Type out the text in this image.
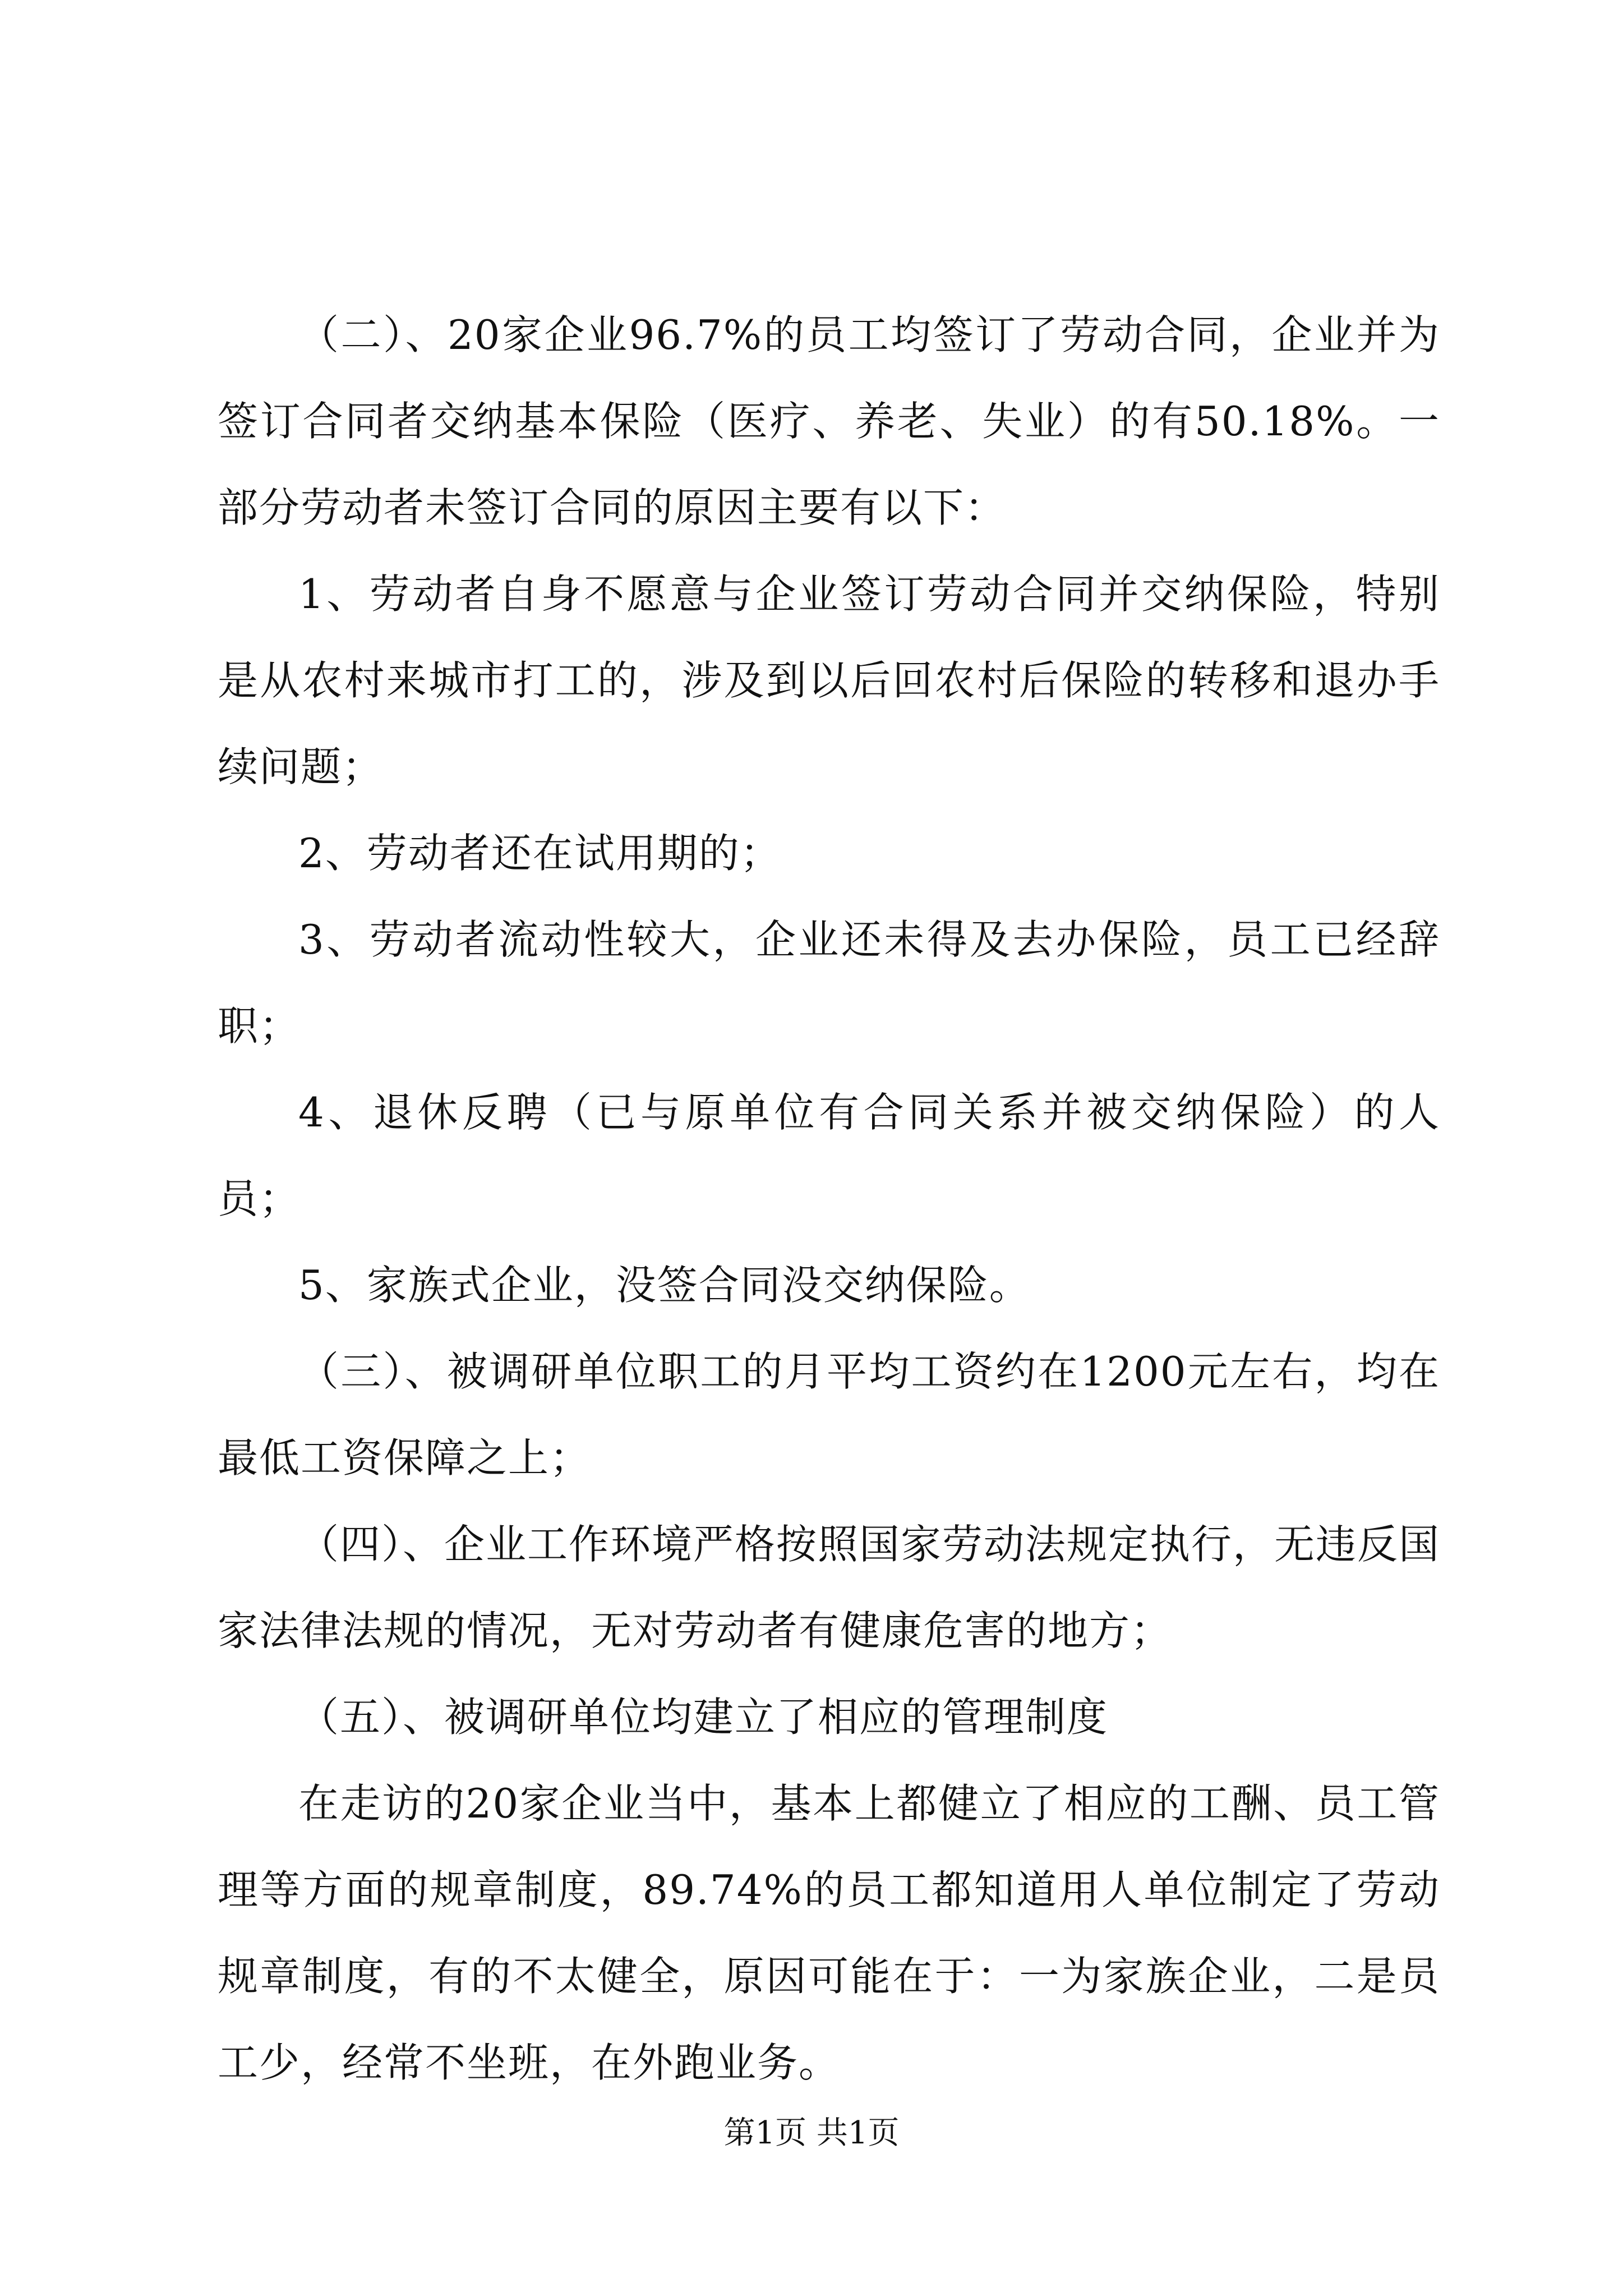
（二）、20家企业96.7%的员工均签订了劳动合同，企业并为签订合同者交纳基本保险（医疗、养老、失业）的有50.18%。一部分劳动者未签订合同的原因主要有以下：

1、劳动者自身不愿意与企业签订劳动合同并交纳保险，特别是从农村来城市打工的，涉及到以后回农村后保险的转移和退办手续问题；

2、劳动者还在试用期的；

3、劳动者流动性较大，企业还未得及去办保险，员工已经辞职；

4、退休反聘（已与原单位有合同关系并被交纳保险）的人员；

5、家族式企业，没签合同没交纳保险。

（三）、被调研单位职工的月平均工资约在1200元左右，均在最低工资保障之上；

（四）、企业工作环境严格按照国家劳动法规定执行，无违反国家法律法规的情况，无对劳动者有健康危害的地方；

（五）、被调研单位均建立了相应的管理制度

在走访的20家企业当中，基本上都健立了相应的工酬、员工管理等方面的规章制度，89.74%的员工都知道用人单位制定了劳动规章制度，有的不太健全，原因可能在于：一为家族企业，二是员工少，经常不坐班，在外跑业务。

第1页 共1页
